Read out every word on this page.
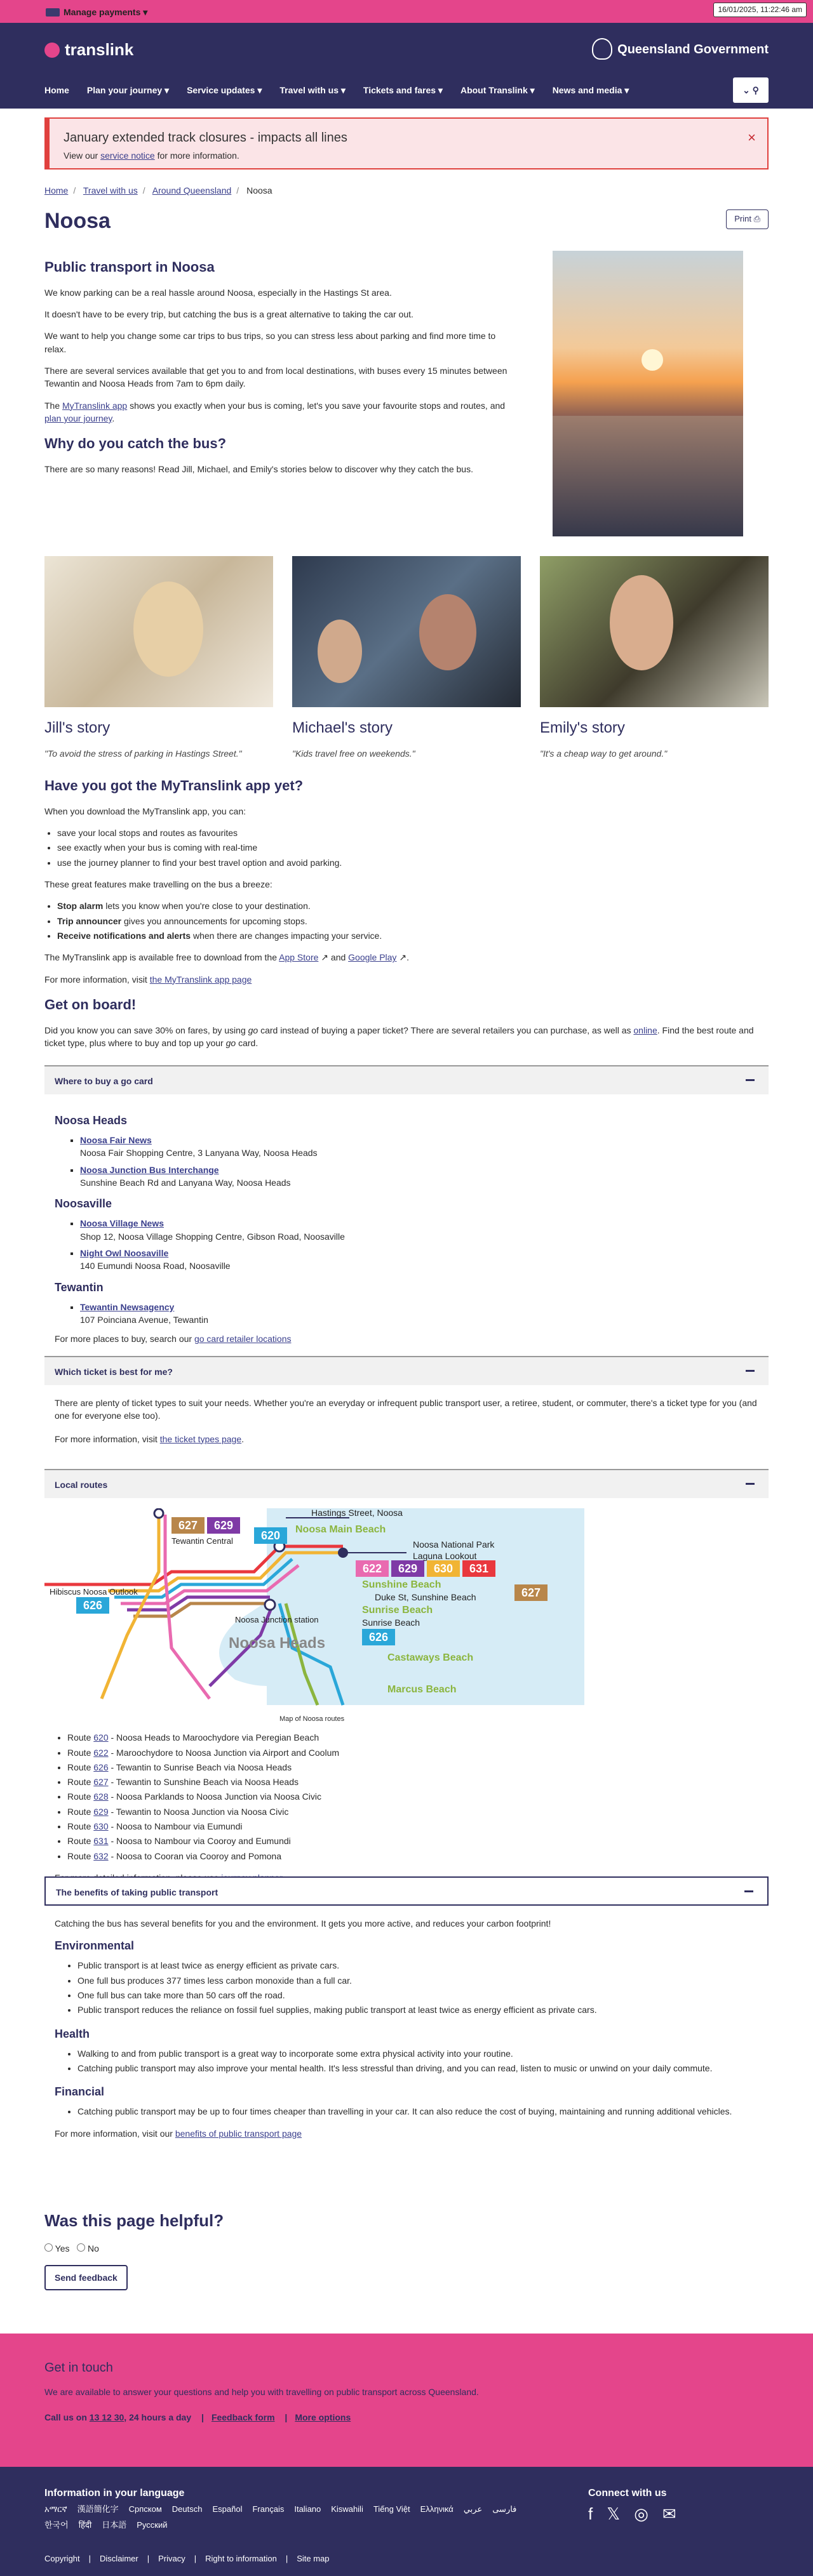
Manage payments ▾	16/01/2025, 11:22:46 am
translink	Queensland Government
Home Plan your journey ▾ Service updates ▾ Travel with us ▾ Tickets and fares ▾ About Translink ▾ News and media ▾	⌄ ⚲
January extended track closures - impacts all lines
View our service notice for more information.
×
Home / Travel with us / Around Queensland / Noosa
Noosa	Print ⎙
Public transport in Noosa

We know parking can be a real hassle around Noosa, especially in the Hastings St area.

It doesn't have to be every trip, but catching the bus is a great alternative to taking the car out.

We want to help you change some car trips to bus trips, so you can stress less about parking and find more time to relax.

There are several services available that get you to and from local destinations, with buses every 15 minutes between Tewantin and Noosa Heads from 7am to 6pm daily.

The MyTranslink app shows you exactly when your bus is coming, let's you save your favourite stops and routes, and plan your journey.

Why do you catch the bus?

There are so many reasons! Read Jill, Michael, and Emily's stories below to discover why they catch the bus.

Jill's story
"To avoid the stress of parking in Hastings Street."
Michael's story
"Kids travel free on weekends."
Emily's story
"It's a cheap way to get around."
Have you got the MyTranslink app yet?

When you download the MyTranslink app, you can:

• save your local stops and routes as favourites
• see exactly when your bus is coming with real-time
• use the journey planner to find your best travel option and avoid parking.

These great features make travelling on the bus a breeze:

• Stop alarm lets you know when you're close to your destination.
• Trip announcer gives you announcements for upcoming stops.
• Receive notifications and alerts when there are changes impacting your service.

The MyTranslink app is available free to download from the App Store ↗ and Google Play ↗.

For more information, visit the MyTranslink app page

Get on board!

Did you know you can save 30% on fares, by using go card instead of buying a paper ticket? There are several retailers you can purchase, as well as online. Find the best route and ticket type, plus where to buy and top up your go card.

Where to buy a go card
Noosa Heads
▪ Noosa Fair News
Noosa Fair Shopping Centre, 3 Lanyana Way, Noosa Heads
▪ Noosa Junction Bus Interchange
Sunshine Beach Rd and Lanyana Way, Noosa Heads
Noosaville
▪ Noosa Village News
Shop 12, Noosa Village Shopping Centre, Gibson Road, Noosaville
▪ Night Owl Noosaville
140 Eumundi Noosa Road, Noosaville
Tewantin
▪ Tewantin Newsagency
107 Poinciana Avenue, Tewantin

For more places to buy, search our go card retailer locations

Which ticket is best for me?

There are plenty of ticket types to suit your needs. Whether you're an everyday or infrequent public transport user, a retiree, student, or commuter, there's a ticket type for you (and one for everyone else too).

For more information, visit the ticket types page.

Local routes
627 629
620
622 629 630 631
627
626
626
Hastings Street, Noosa
Noosa Main Beach
Noosa National Park
Laguna Lookout
Tewantin Central
Hibiscus Noosa Outlook
Noosa Junction station
Noosa Heads
Sunshine Beach
Duke St, Sunshine Beach
Sunrise Beach
Sunrise Beach
Castaways Beach
Marcus Beach
Map of Noosa routes
• Route 620 - Noosa Heads to Maroochydore via Peregian Beach
• Route 622 - Maroochydore to Noosa Junction via Airport and Coolum
• Route 626 - Tewantin to Sunrise Beach via Noosa Heads
• Route 627 - Tewantin to Sunshine Beach via Noosa Heads
• Route 628 - Noosa Parklands to Noosa Junction via Noosa Civic
• Route 629 - Tewantin to Noosa Junction via Noosa Civic
• Route 630 - Noosa to Nambour via Eumundi
• Route 631 - Noosa to Nambour via Cooroy and Eumundi
• Route 632 - Noosa to Cooran via Cooroy and Pomona

The benefits of taking public transport

Catching the bus has several benefits for you and the environment. It gets you more active, and reduces your carbon footprint!

Environmental
• Public transport is at least twice as energy efficient as private cars.
• One full bus produces 377 times less carbon monoxide than a full car.
• One full bus can take more than 50 cars off the road.
• Public transport reduces the reliance on fossil fuel supplies, making public transport at least twice as energy efficient as private cars.
Health
• Walking to and from public transport is a great way to incorporate some extra physical activity into your routine.
• Catching public transport may also improve your mental health. It's less stressful than driving, and you can read, listen to music or unwind on your daily commute.
Financial
• Catching public transport may be up to four times cheaper than travelling in your car. It can also reduce the cost of buying, maintaining and running additional vehicles.

For more information, visit our benefits of public transport page

Was this page helpful?
Yes No
Send feedback
Get in touch
We are available to answer your questions and help you with travelling on public transport across Queensland.
Call us on 13 12 30, 24 hours a day | Feedback form | More options
Information in your language
አማርኛ 漢語簡化字 Српском Deutsch Español Français Italiano Kiswahili Tiếng Việt Ελληνικά عربي فارسی
한국어 हिंदी 日本語 Русский
Connect with us
f 𝕏 ◎ ✉
Copyright | Disclaimer | Privacy | Right to information | Site map
